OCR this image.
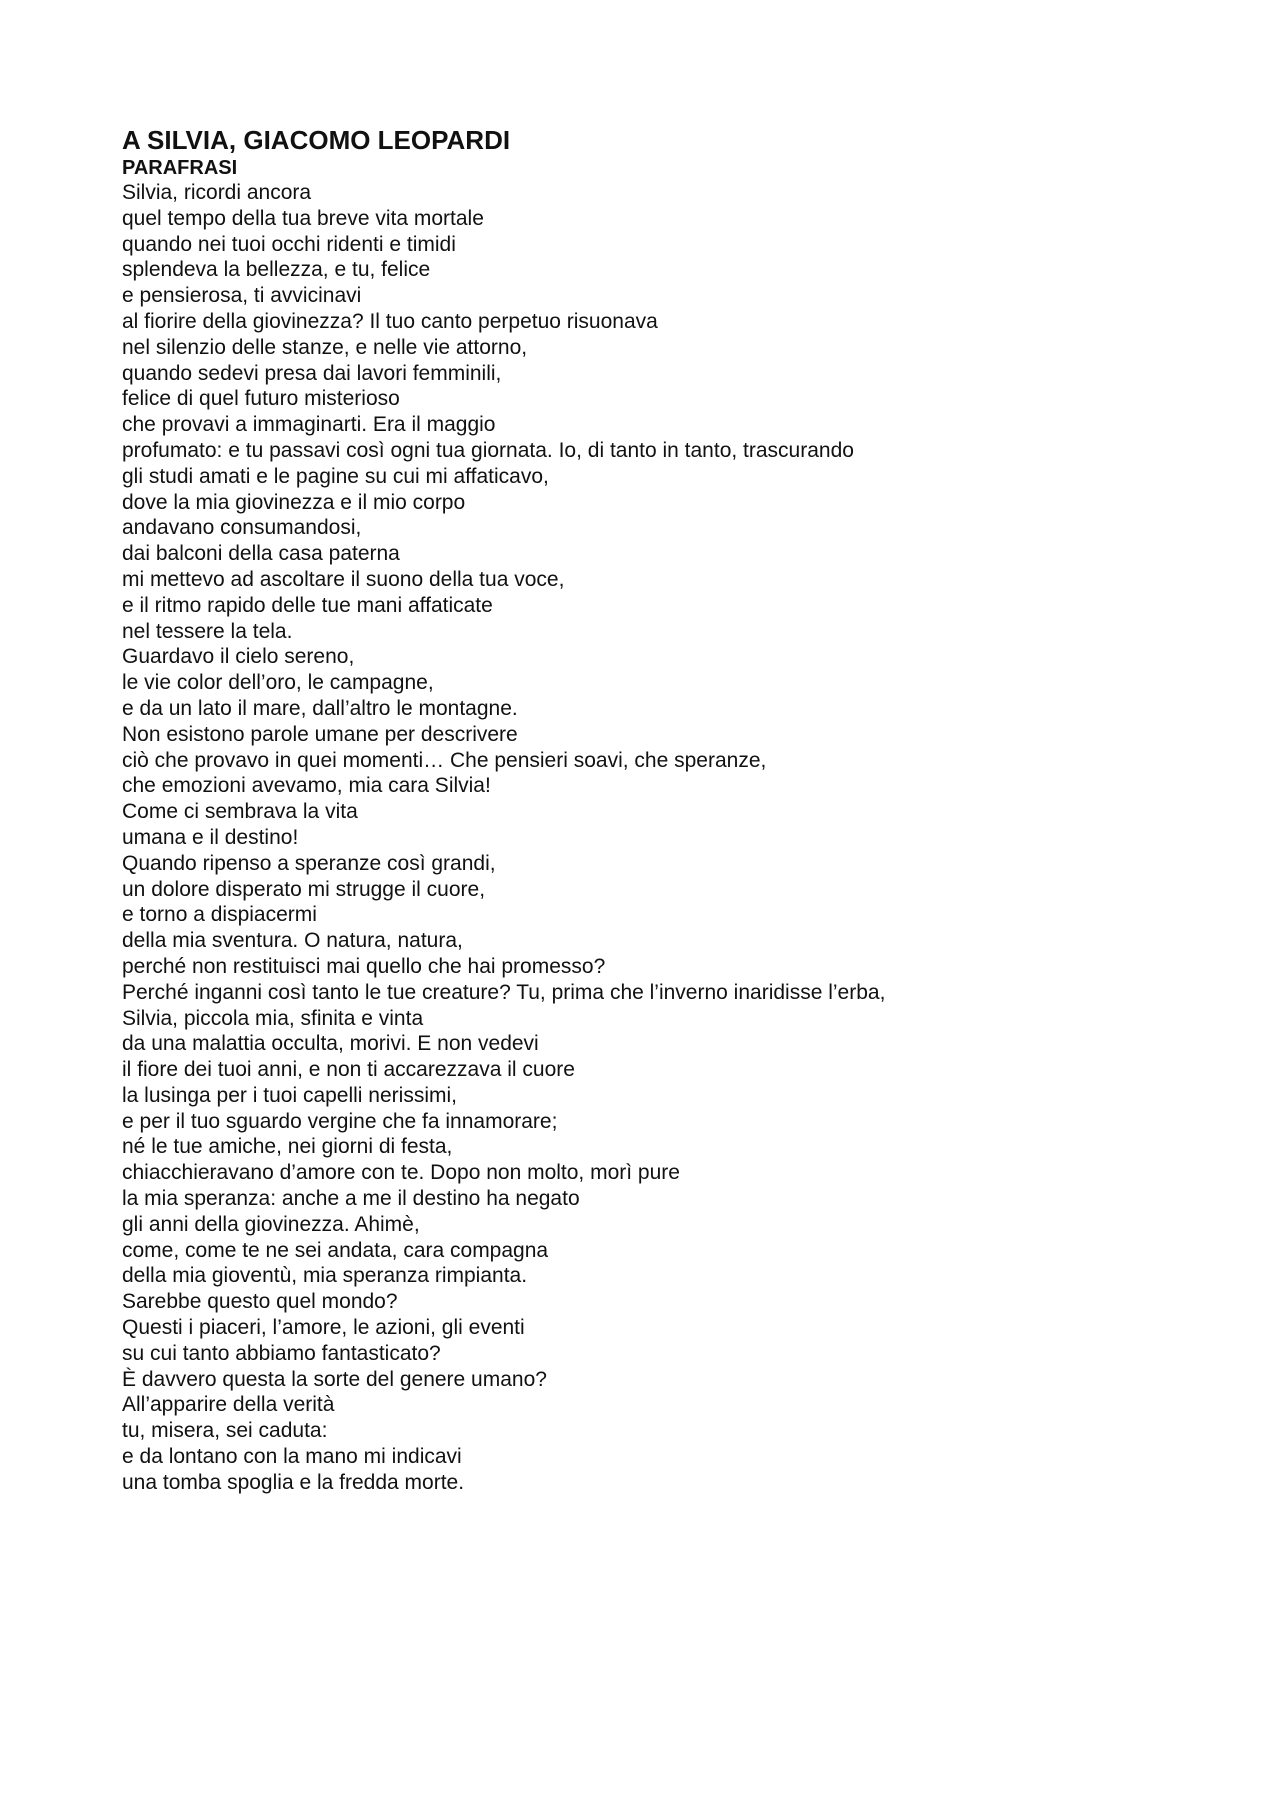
A SILVIA, GIACOMO LEOPARDI
PARAFRASI

Silvia, ricordi ancora

quel tempo della tua breve vita mortale

quando nei tuoi occhi ridenti e timidi

splendeva la bellezza, e tu, felice

e pensierosa, ti avvicinavi

al fiorire della giovinezza? Il tuo canto perpetuo risuonava

nel silenzio delle stanze, e nelle vie attorno,

quando sedevi presa dai lavori femminili,

felice di quel futuro misterioso

che provavi a immaginarti. Era il maggio

profumato: e tu passavi così ogni tua giornata. Io, di tanto in tanto, trascurando

gli studi amati e le pagine su cui mi affaticavo,

dove la mia giovinezza e il mio corpo

andavano consumandosi,

dai balconi della casa paterna

mi mettevo ad ascoltare il suono della tua voce,

e il ritmo rapido delle tue mani affaticate

nel tessere la tela.

Guardavo il cielo sereno,

le vie color dell’oro, le campagne,

e da un lato il mare, dall’altro le montagne.

Non esistono parole umane per descrivere

ciò che provavo in quei momenti… Che pensieri soavi, che speranze,

che emozioni avevamo, mia cara Silvia!

Come ci sembrava la vita

umana e il destino!

Quando ripenso a speranze così grandi,

un dolore disperato mi strugge il cuore,

e torno a dispiacermi

della mia sventura. O natura, natura,

perché non restituisci mai quello che hai promesso?

Perché inganni così tanto le tue creature? Tu, prima che l’inverno inaridisse l’erba,

Silvia, piccola mia, sfinita e vinta

da una malattia occulta, morivi. E non vedevi

il fiore dei tuoi anni, e non ti accarezzava il cuore

la lusinga per i tuoi capelli nerissimi,

e per il tuo sguardo vergine che fa innamorare;

né le tue amiche, nei giorni di festa,

chiacchieravano d’amore con te. Dopo non molto, morì pure

la mia speranza: anche a me il destino ha negato

gli anni della giovinezza. Ahimè,

come, come te ne sei andata, cara compagna

della mia gioventù, mia speranza rimpianta.

Sarebbe questo quel mondo?

Questi i piaceri, l’amore, le azioni, gli eventi

su cui tanto abbiamo fantasticato?

È davvero questa la sorte del genere umano?

All’apparire della verità

tu, misera, sei caduta:

e da lontano con la mano mi indicavi

una tomba spoglia e la fredda morte.
